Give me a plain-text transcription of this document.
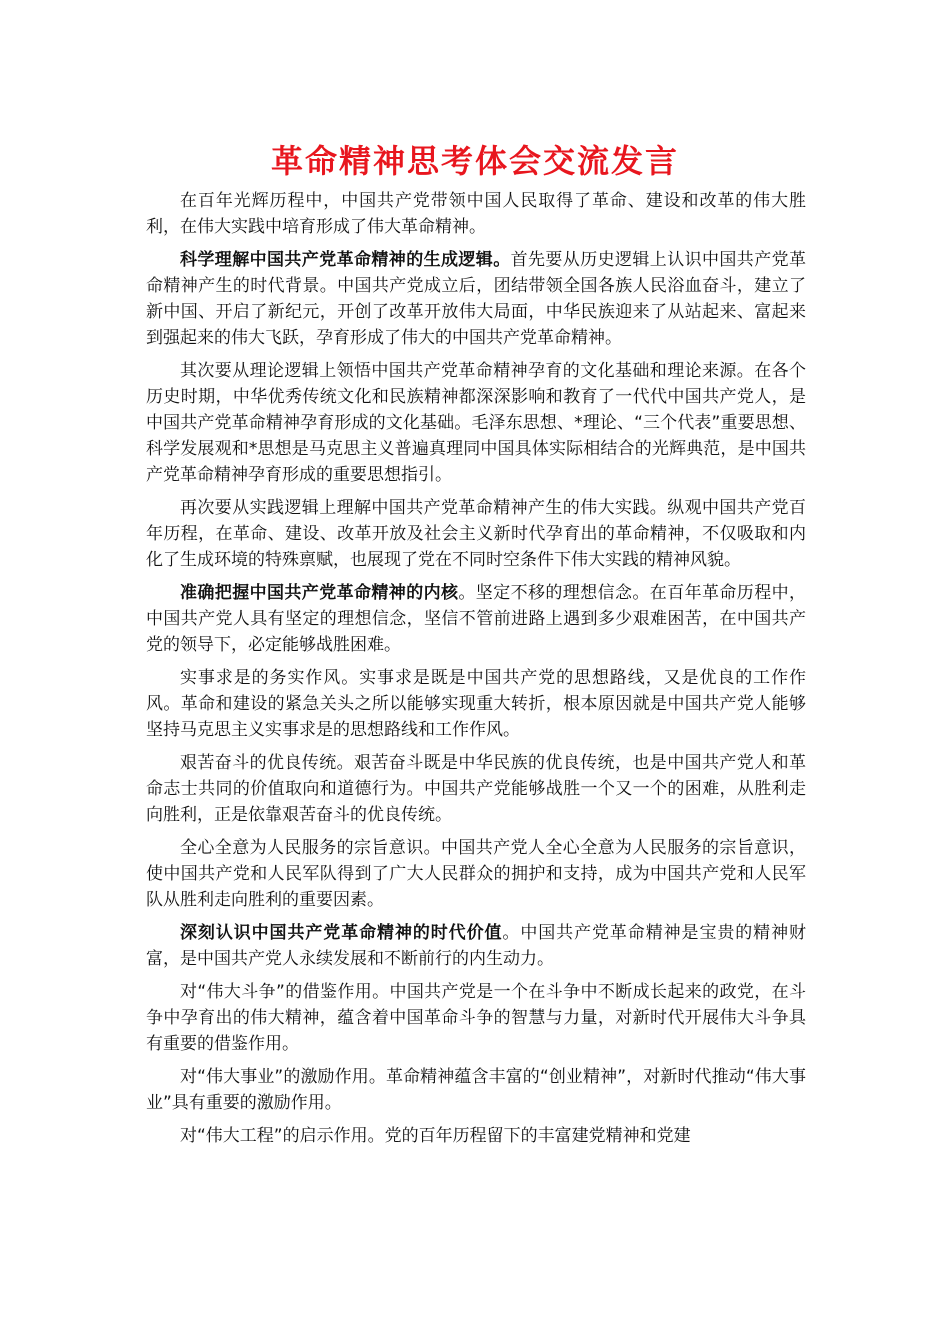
革命精神思考体会交流发言

在百年光辉历程中，中国共产党带领中国人民取得了革命、建设和改革的伟大胜利，在伟大实践中培育形成了伟大革命精神。

科学理解中国共产党革命精神的生成逻辑。首先要从历史逻辑上认识中国共产党革命精神产生的时代背景。中国共产党成立后，团结带领全国各族人民浴血奋斗，建立了新中国、开启了新纪元，开创了改革开放伟大局面，中华民族迎来了从站起来、富起来到强起来的伟大飞跃，孕育形成了伟大的中国共产党革命精神。

其次要从理论逻辑上领悟中国共产党革命精神孕育的文化基础和理论来源。在各个历史时期，中华优秀传统文化和民族精神都深深影响和教育了一代代中国共产党人，是中国共产党革命精神孕育形成的文化基础。毛泽东思想、*理论、“三个代表”重要思想、科学发展观和*思想是马克思主义普遍真理同中国具体实际相结合的光辉典范，是中国共产党革命精神孕育形成的重要思想指引。

再次要从实践逻辑上理解中国共产党革命精神产生的伟大实践。纵观中国共产党百年历程，在革命、建设、改革开放及社会主义新时代孕育出的革命精神，不仅吸取和内化了生成环境的特殊禀赋，也展现了党在不同时空条件下伟大实践的精神风貌。

准确把握中国共产党革命精神的内核。坚定不移的理想信念。在百年革命历程中，中国共产党人具有坚定的理想信念，坚信不管前进路上遇到多少艰难困苦，在中国共产党的领导下，必定能够战胜困难。

实事求是的务实作风。实事求是既是中国共产党的思想路线，又是优良的工作作风。革命和建设的紧急关头之所以能够实现重大转折，根本原因就是中国共产党人能够坚持马克思主义实事求是的思想路线和工作作风。

艰苦奋斗的优良传统。艰苦奋斗既是中华民族的优良传统，也是中国共产党人和革命志士共同的价值取向和道德行为。中国共产党能够战胜一个又一个的困难，从胜利走向胜利，正是依靠艰苦奋斗的优良传统。

全心全意为人民服务的宗旨意识。中国共产党人全心全意为人民服务的宗旨意识，使中国共产党和人民军队得到了广大人民群众的拥护和支持，成为中国共产党和人民军队从胜利走向胜利的重要因素。

深刻认识中国共产党革命精神的时代价值。中国共产党革命精神是宝贵的精神财富，是中国共产党人永续发展和不断前行的内生动力。

对“伟大斗争”的借鉴作用。中国共产党是一个在斗争中不断成长起来的政党，在斗争中孕育出的伟大精神，蕴含着中国革命斗争的智慧与力量，对新时代开展伟大斗争具有重要的借鉴作用。

对“伟大事业”的激励作用。革命精神蕴含丰富的“创业精神”，对新时代推动“伟大事业”具有重要的激励作用。

对“伟大工程”的启示作用。党的百年历程留下的丰富建党精神和党建
